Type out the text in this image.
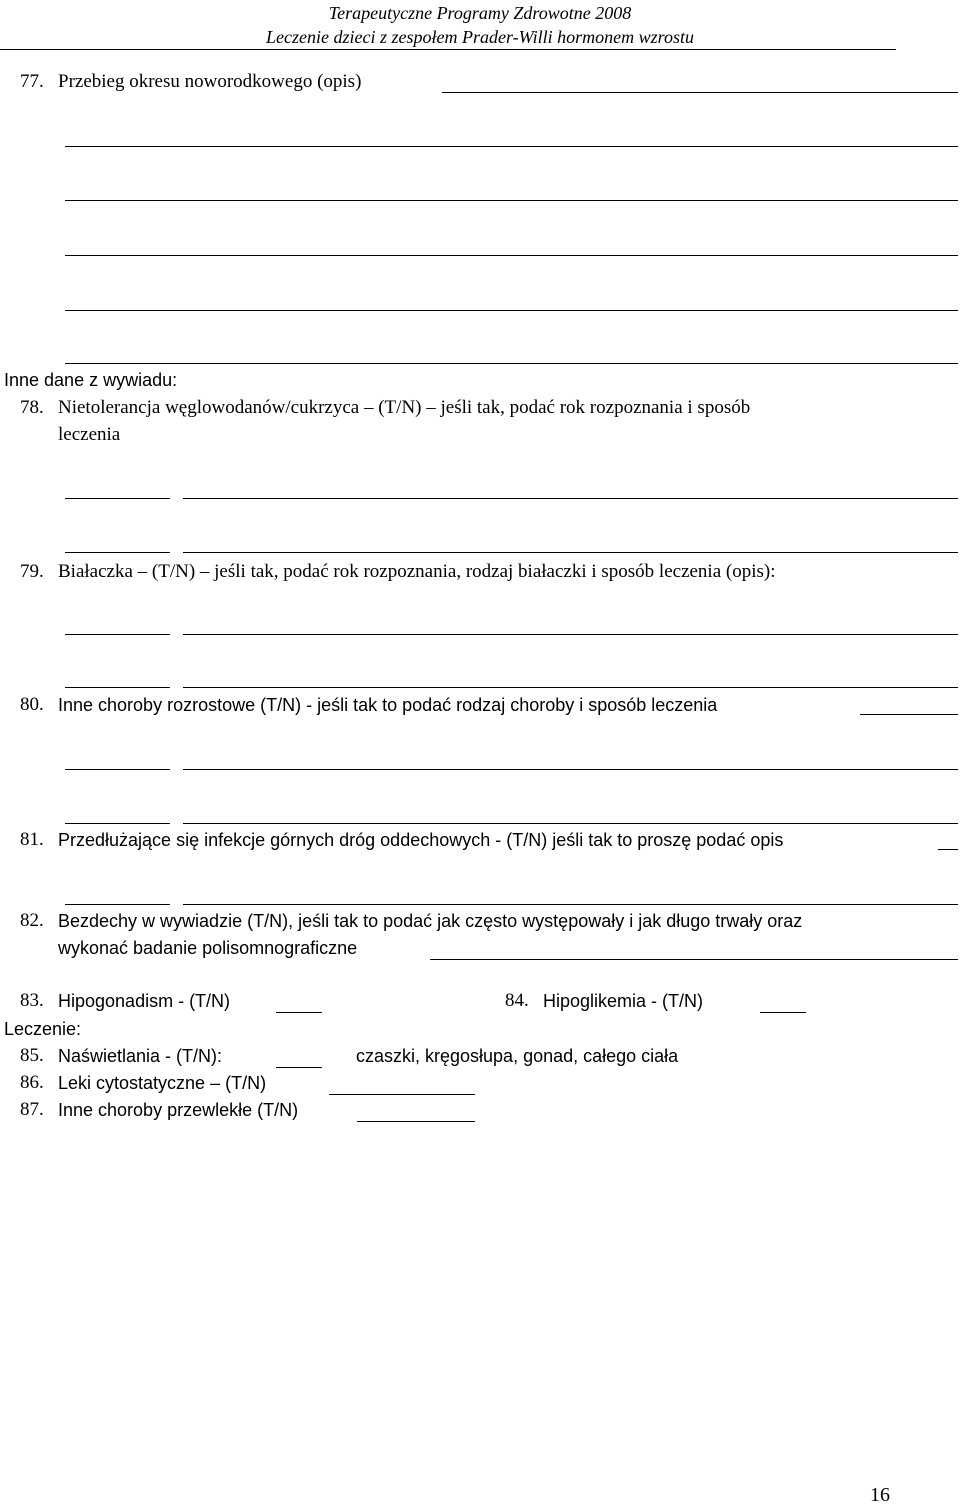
Terapeutyczne Programy Zdrowotne 2008
Leczenie dzieci z zespołem Prader-Willi hormonem wzrostu
77. Przebieg okresu noworodkowego (opis)
Inne dane z wywiadu:
78. Nietolerancja węglowodanów/cukrzyca – (T/N) – jeśli tak, podać rok rozpoznania i sposób
leczenia
79. Białaczka – (T/N) – jeśli tak, podać rok rozpoznania, rodzaj białaczki i sposób leczenia (opis):
80. Inne choroby rozrostowe (T/N) - jeśli tak to podać rodzaj choroby i sposób leczenia
81. Przedłużające się infekcje górnych dróg oddechowych - (T/N) jeśli tak to proszę podać opis
82. Bezdechy w wywiadzie (T/N), jeśli tak to podać jak często występowały i jak długo trwały oraz
wykonać badanie polisomnograficzne
83. Hipogonadism - (T/N)	84. Hipoglikemia - (T/N)
Leczenie:
85. Naświetlania - (T/N):	czaszki, kręgosłupa, gonad, całego ciała
86. Leki cytostatyczne – (T/N)
87. Inne choroby przewlekłe (T/N)
16
